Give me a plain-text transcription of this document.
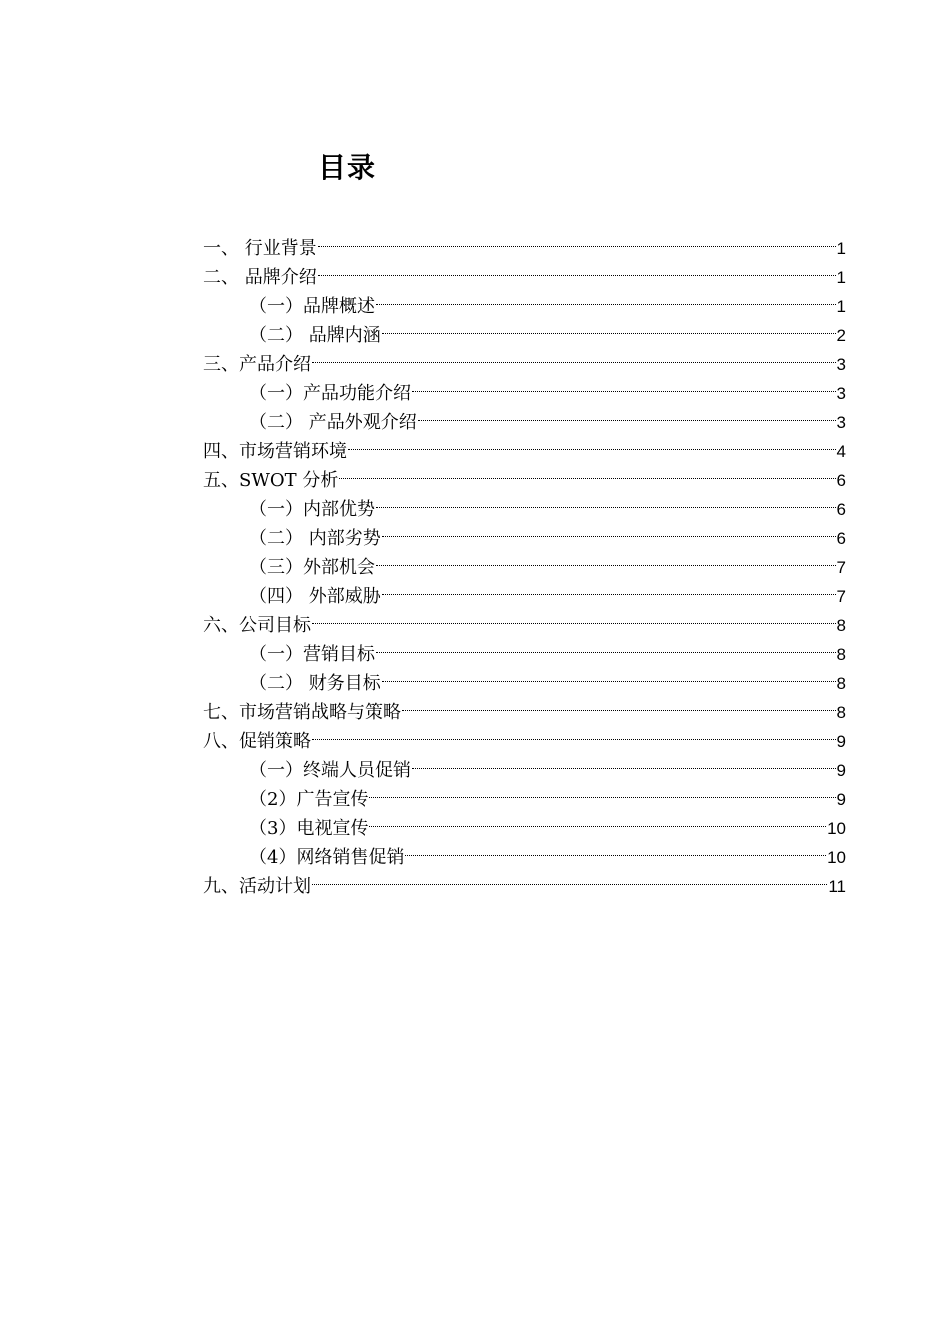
目录
一、 行业背景	1
二、 品牌介绍	1
（一）品牌概述	1
（二） 品牌内涵	2
三、产品介绍	3
（一）产品功能介绍	3
（二） 产品外观介绍	3
四、市场营销环境	4
五、SWOT 分析	6
（一）内部优势	6
（二） 内部劣势	6
（三）外部机会	7
（四） 外部威胁	7
六、公司目标	8
（一）营销目标	8
（二） 财务目标	8
七、市场营销战略与策略	8
八、促销策略	9
（一）终端人员促销	9
（2）广告宣传	9
（3）电视宣传	10
（4）网络销售促销	10
九、活动计划	11
